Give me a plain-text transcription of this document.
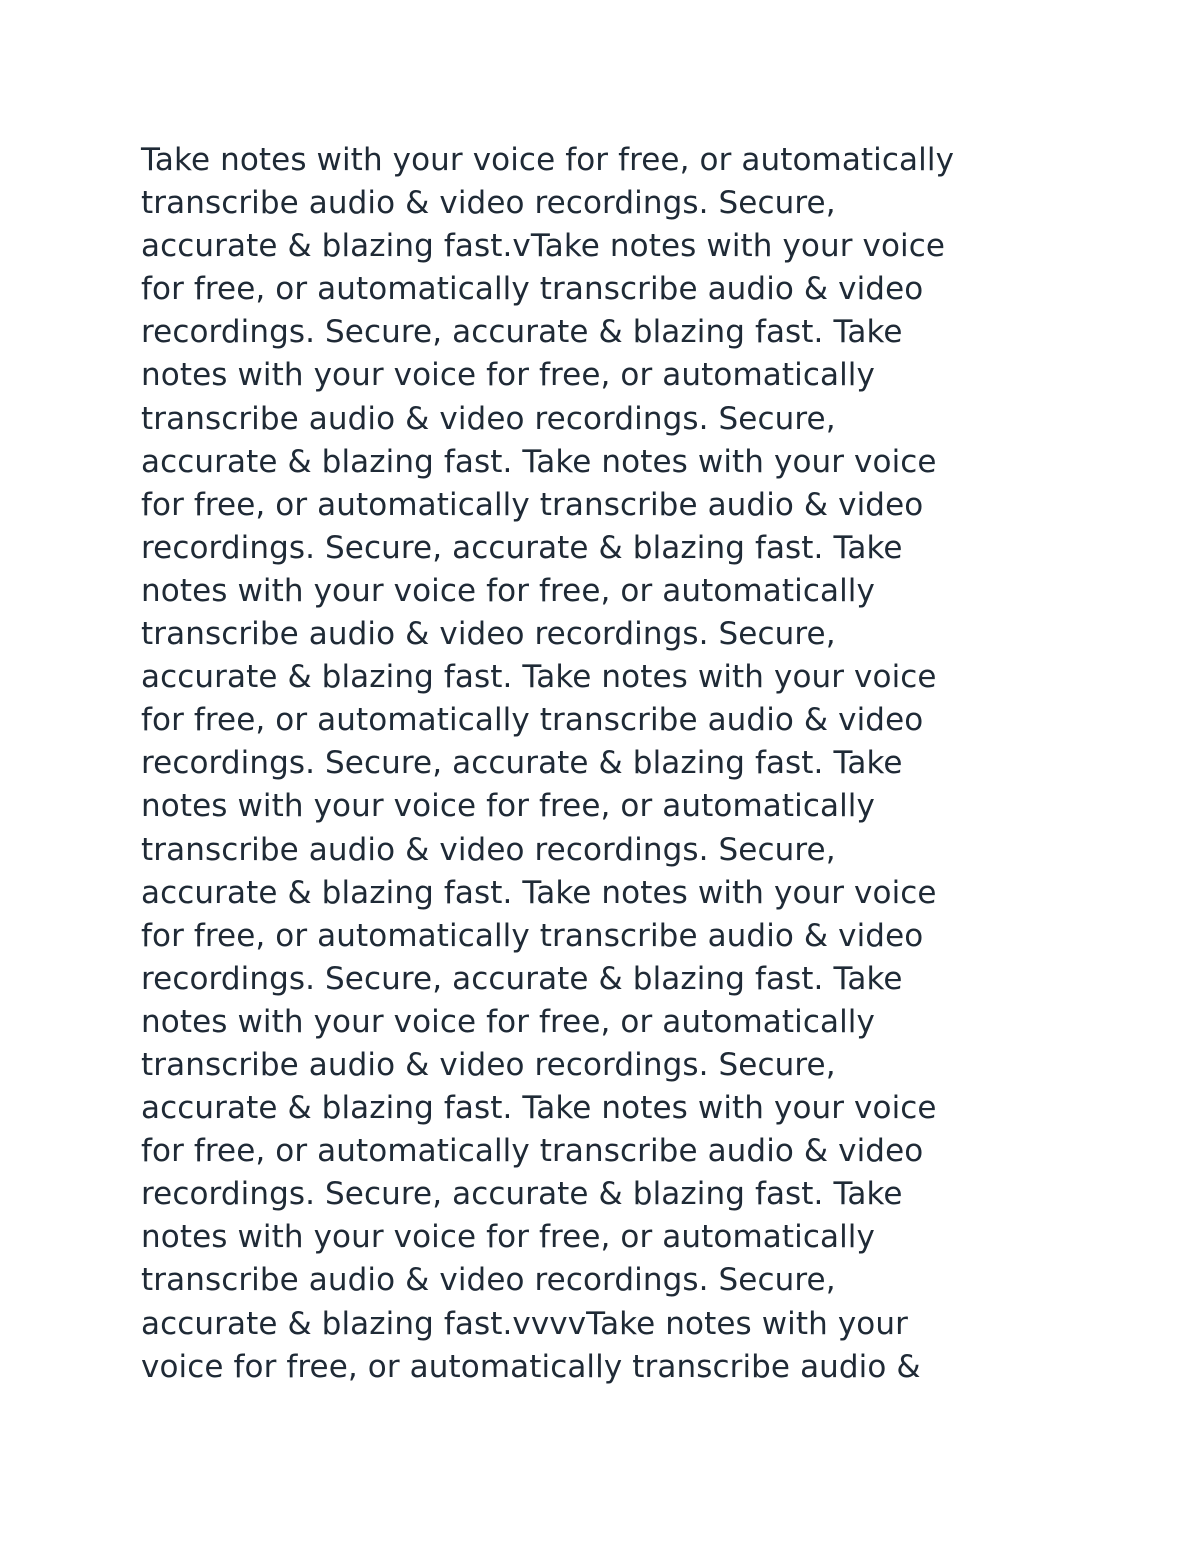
Take notes with your voice for free, or automatically
transcribe audio & video recordings. Secure,
accurate & blazing fast.vTake notes with your voice
for free, or automatically transcribe audio & video
recordings. Secure, accurate & blazing fast. Take
notes with your voice for free, or automatically
transcribe audio & video recordings. Secure,
accurate & blazing fast. Take notes with your voice
for free, or automatically transcribe audio & video
recordings. Secure, accurate & blazing fast. Take
notes with your voice for free, or automatically
transcribe audio & video recordings. Secure,
accurate & blazing fast. Take notes with your voice
for free, or automatically transcribe audio & video
recordings. Secure, accurate & blazing fast. Take
notes with your voice for free, or automatically
transcribe audio & video recordings. Secure,
accurate & blazing fast. Take notes with your voice
for free, or automatically transcribe audio & video
recordings. Secure, accurate & blazing fast. Take
notes with your voice for free, or automatically
transcribe audio & video recordings. Secure,
accurate & blazing fast. Take notes with your voice
for free, or automatically transcribe audio & video
recordings. Secure, accurate & blazing fast. Take
notes with your voice for free, or automatically
transcribe audio & video recordings. Secure,
accurate & blazing fast.vvvvTake notes with your
voice for free, or automatically transcribe audio &
